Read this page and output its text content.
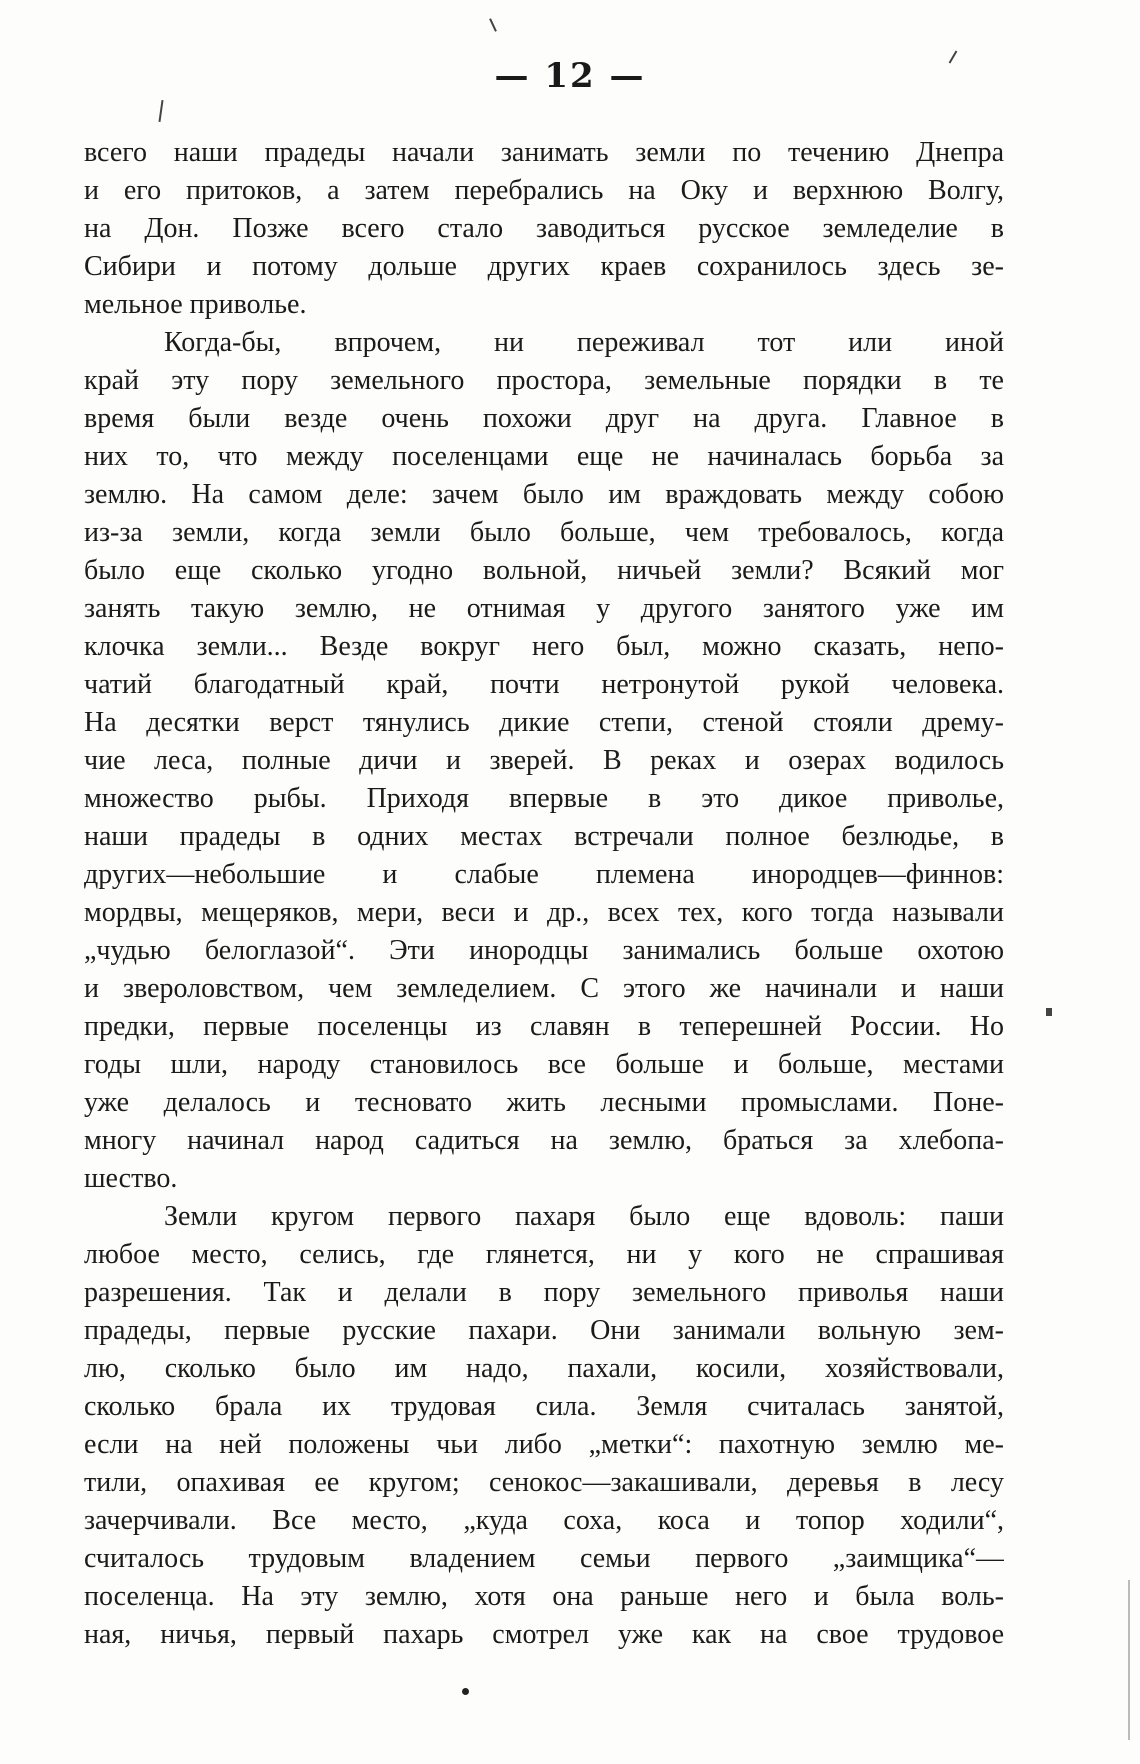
— 12 —
всего наши прадеды начали занимать земли по течению Днепра
и его притоков, а затем перебрались на Оку и верхнюю Волгу,
на Дон. Позже всего стало заводиться русское земледелие в
Сибири и потому дольше других краев сохранилось здесь зе-
мельное приволье.
Когда-бы, впрочем, ни переживал тот или иной
край эту пору земельного простора, земельные порядки в те
время были везде очень похожи друг на друга. Главное в
них то, что между поселенцами еще не начиналась борьба за
землю. На самом деле: зачем было им враждовать между собою
из-за земли, когда земли было больше, чем требовалось, когда
было еще сколько угодно вольной, ничьей земли? Всякий мог
занять такую землю, не отнимая у другого занятого уже им
клочка земли... Везде вокруг него был, можно сказать, непо-
чатий благодатный край, почти нетронутой рукой человека.
На десятки верст тянулись дикие степи, стеной стояли дрему-
чие леса, полные дичи и зверей. В реках и озерах водилось
множество рыбы. Приходя впервые в это дикое приволье,
наши прадеды в одних местах встречали полное безлюдье, в
других—небольшие и слабые племена инородцев—финнов:
мордвы, мещеряков, мери, веси и др., всех тех, кого тогда называли
„чудью белоглазой“. Эти инородцы занимались больше охотою
и звероловством, чем земледелием. С этого же начинали и наши
предки, первые поселенцы из славян в теперешней России. Но
годы шли, народу становилось все больше и больше, местами
уже делалось и тесновато жить лесными промыслами. Поне-
многу начинал народ садиться на землю, браться за хлебопа-
шество.
Земли кругом первого пахаря было еще вдоволь: паши
любое место, селись, где глянется, ни у кого не спрашивая
разрешения. Так и делали в пору земельного приволья наши
прадеды, первые русские пахари. Они занимали вольную зем-
лю, сколько было им надо, пахали, косили, хозяйствовали,
сколько брала их трудовая сила. Земля считалась занятой,
если на ней положены чьи либо „метки“: пахотную землю ме-
тили, опахивая ее кругом; сенокос—закашивали, деревья в лесу
зачерчивали. Все место, „куда соха, коса и топор ходили“,
считалось трудовым владением семьи первого „заимщика“—
поселенца. На эту землю, хотя она раньше него и была воль-
ная, ничья, первый пахарь смотрел уже как на свое трудовое
